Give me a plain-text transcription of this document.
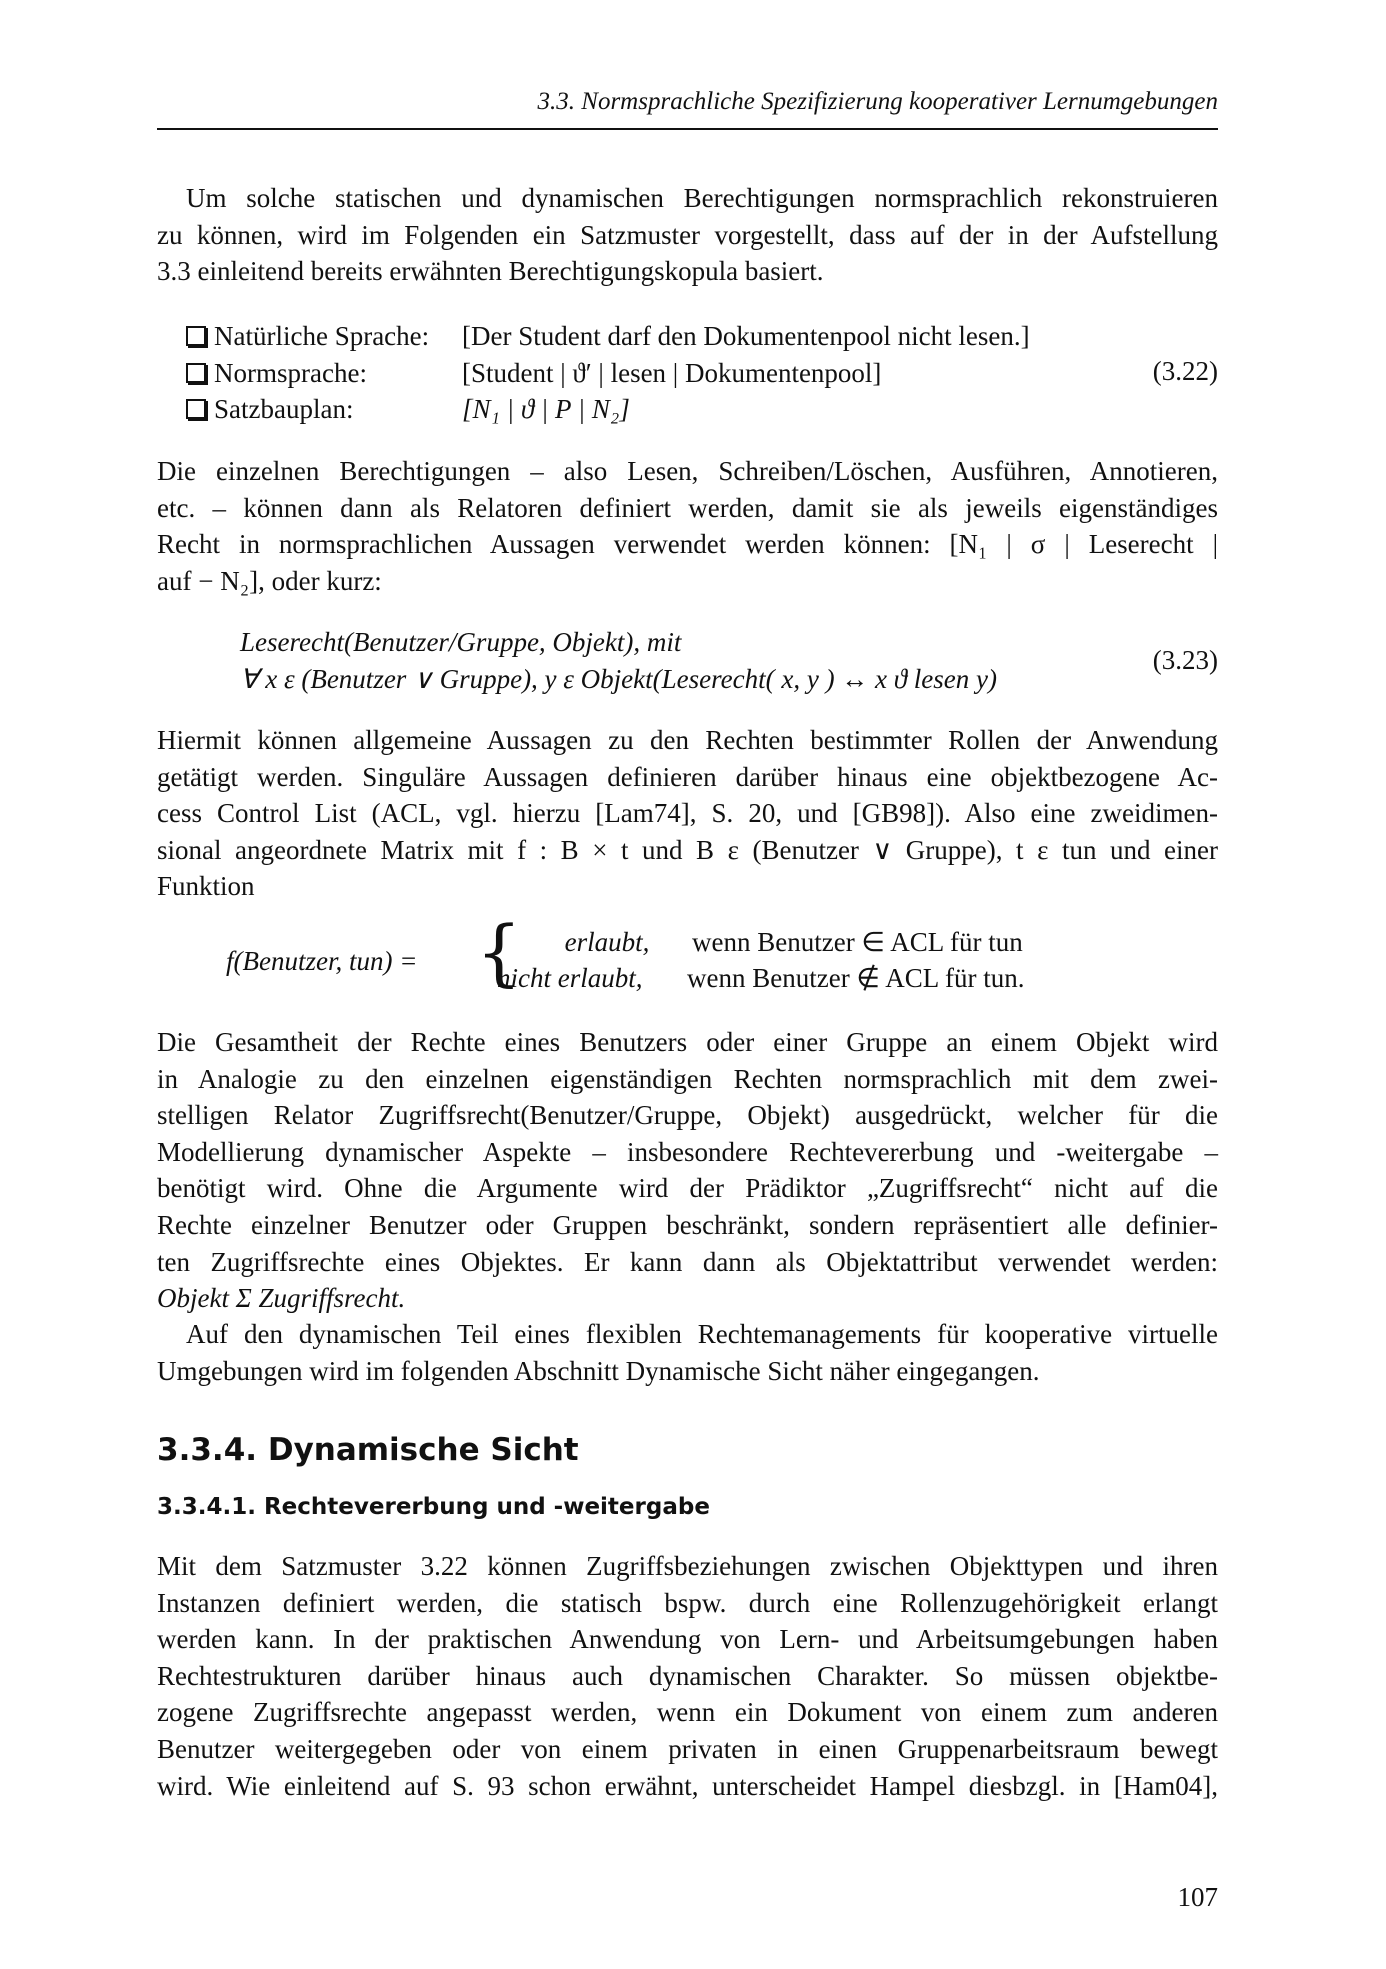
3.3. Normsprachliche Spezifizierung kooperativer Lernumgebungen
Um solche statischen und dynamischen Berechtigungen normsprachlich rekonstruieren
zu können, wird im Folgenden ein Satzmuster vorgestellt, dass auf der in der Aufstellung
3.3 einleitend bereits erwähnten Berechtigungskopula basiert.
Natürliche Sprache:	[Der Student darf den Dokumentenpool nicht lesen.]
Normsprache:	[Student | ϑ′ | lesen | Dokumentenpool]
Satzbauplan:	[N₁ | ϑ | P | N₂]
(3.22)
Die einzelnen Berechtigungen – also Lesen, Schreiben/Löschen, Ausführen, Annotieren,
etc. – können dann als Relatoren definiert werden, damit sie als jeweils eigenständiges
Recht in normsprachlichen Aussagen verwendet werden können: [N₁ | σ | Leserecht |
auf − N₂], oder kurz:
Leserecht(Benutzer/Gruppe, Objekt), mit
∀ x ε (Benutzer ∨ Gruppe), y ε Objekt(Leserecht( x, y ) ↔ x ϑ lesen y)
(3.23)
Hiermit können allgemeine Aussagen zu den Rechten bestimmter Rollen der Anwendung
getätigt werden. Singuläre Aussagen definieren darüber hinaus eine objektbezogene Ac-
cess Control List (ACL, vgl. hierzu [Lam74], S. 20, und [GB98]). Also eine zweidimen-
sional angeordnete Matrix mit f : B × t und B ε (Benutzer ∨ Gruppe), t ε tun und einer
Funktion
f(Benutzer, tun) = {	erlaubt,	wenn Benutzer ∈ ACL für tun
nicht erlaubt, wenn Benutzer ∉ ACL für tun.
Die Gesamtheit der Rechte eines Benutzers oder einer Gruppe an einem Objekt wird
in Analogie zu den einzelnen eigenständigen Rechten normsprachlich mit dem zwei-
stelligen Relator Zugriffsrecht(Benutzer/Gruppe, Objekt) ausgedrückt, welcher für die
Modellierung dynamischer Aspekte – insbesondere Rechtevererbung und -weitergabe –
benötigt wird. Ohne die Argumente wird der Prädiktor „Zugriffsrecht“ nicht auf die
Rechte einzelner Benutzer oder Gruppen beschränkt, sondern repräsentiert alle definier-
ten Zugriffsrechte eines Objektes. Er kann dann als Objektattribut verwendet werden:
Objekt Σ Zugriffsrecht.
Auf den dynamischen Teil eines flexiblen Rechtemanagements für kooperative virtuelle
Umgebungen wird im folgenden Abschnitt Dynamische Sicht näher eingegangen.
3.3.4. Dynamische Sicht
3.3.4.1. Rechtevererbung und -weitergabe
Mit dem Satzmuster 3.22 können Zugriffsbeziehungen zwischen Objekttypen und ihren
Instanzen definiert werden, die statisch bspw. durch eine Rollenzugehörigkeit erlangt
werden kann. In der praktischen Anwendung von Lern- und Arbeitsumgebungen haben
Rechtestrukturen darüber hinaus auch dynamischen Charakter. So müssen objektbe-
zogene Zugriffsrechte angepasst werden, wenn ein Dokument von einem zum anderen
Benutzer weitergegeben oder von einem privaten in einen Gruppenarbeitsraum bewegt
wird. Wie einleitend auf S. 93 schon erwähnt, unterscheidet Hampel diesbzgl. in [Ham04],
107
